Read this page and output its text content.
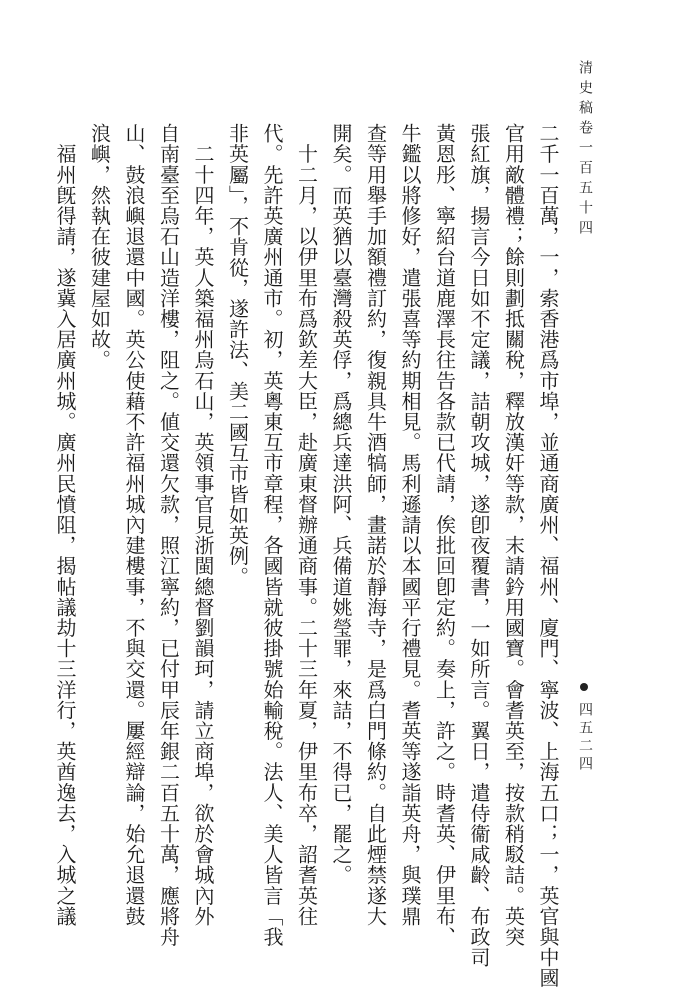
清史稿卷一百五十四
四五二四
二千一百萬，一，索香港爲市埠，並通商廣州、福州、廈門、寧波、上海五口；一，英官與中國
官用敵體禮；餘則劃抵關稅，釋放漢奸等款，末請鈐用國寶。會耆英至，按款稍駁詰。英突
張紅旗，揚言今日如不定議，詰朝攻城，遂卽夜覆書，一如所言。翼日，遣侍衞咸齡、布政司
黃恩彤、寧紹台道鹿澤長往告各款已代請，俟批回卽定約。奏上，許之。時耆英、伊里布、
牛鑑以將修好，遣張喜等約期相見。馬利遜請以本國平行禮見。耆英等遂詣英舟，與璞鼎
查等用舉手加額禮訂約，復親具牛酒犒師，畫諾於靜海寺，是爲白門條約。自此煙禁遂大
開矣。而英猶以臺灣殺英俘，爲總兵達洪阿、兵備道姚瑩罪，來詰，不得已，罷之。
　十二月，以伊里布爲欽差大臣，赴廣東督辦通商事。二十三年夏，伊里布卒，詔耆英往
代。先許英廣州通市。初，英粵東互市章程，各國皆就彼掛號始輸稅。法人、美人皆言「我
非英屬」，不肯從，遂許法、美二國互市皆如英例。
　二十四年，英人築福州烏石山，英領事官見浙閩總督劉韻珂，請立商埠，欲於會城內外
自南臺至烏石山造洋樓，阻之。値交還欠款，照江寧約，已付甲辰年銀二百五十萬，應將舟
山、鼓浪嶼退還中國。英公使藉不許福州城內建樓事，不與交還。屢經辯論，始允退還鼓
浪嶼，然執在彼建屋如故。
　福州旣得請，遂冀入居廣州城。廣州民憤阻，揭帖議劫十三洋行，英酋逸去，入城之議
